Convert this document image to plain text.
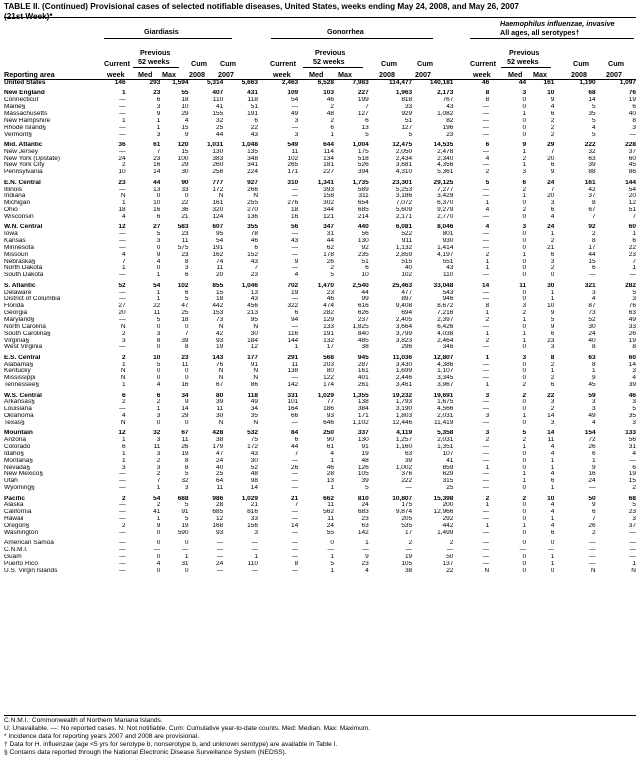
TABLE II. (Continued) Provisional cases of selected notifiable diseases, United States, weeks ending May 24, 2008, and May 26, 2007
(21st Week)*
Giardiasis	Gonorrhea
Haemophilus influenzae, invasive
All ages, all serotypes†
Current
week
Previous
52 weeks
Med Max
Cum
2008
Cum
2007
Current
week
Previous
52 weeks
Med Max
Cum
2008
Cum
2007
Current
week
Previous
52 weeks
Med Max
Cum
2008
Cum
2007
Reporting area
United States	146	293	1,594	5,314	5,663	2,463	6,528	7,983	114,477	140,181	46	44	161	1,190	1,097

New England	1	23	55	407	431	109	103	227	1,963	2,173	8	3	10	68	76
Connecticut	—	6	18	110	118	54	46	199	818	767	8	0	9	14	19
Maine§	—	3	10	41	51	—	2	7	33	43	—	0	4	5	6
Massachusetts	—	9	29	155	191	49	48	127	929	1,082	—	1	6	35	40
New Hampshire	1	1	4	32	6	3	2	6	51	82	—	0	2	5	8
Rhode Island§	—	1	15	25	22	—	6	13	127	196	—	0	2	4	3
Vermont§	—	3	9	44	43	3	1	5	5	23	—	0	2	5	—

Mid. Atlantic	36	61	120	1,031	1,048	549	644	1,004	12,475	14,535	6	9	29	222	228
New Jersey	—	7	15	130	135	11	114	175	2,050	2,478	—	1	7	32	37
New York (Upstate)	24	23	100	383	348	102	134	518	2,434	2,340	4	2	20	63	60
New York City	2	16	29	260	341	265	181	526	3,681	4,356	—	1	6	39	45
Pennsylvania	10	14	30	258	224	171	227	394	4,310	5,361	2	3	9	88	86

E.N. Central	23	44	90	777	927	310	1,341	1,735	23,301	29,125	5	6	24	161	144
Illinois	—	13	33	172	266	—	393	589	5,253	7,277	—	2	7	42	54
Indiana	N	0	0	N	N	—	158	311	3,186	3,429	—	1	20	37	20
Michigan	1	10	22	161	255	276	302	654	7,072	6,370	1	0	3	8	12
Ohio	18	16	36	320	270	18	344	685	5,609	9,279	4	2	6	67	51
Wisconsin	4	6	21	124	136	16	121	214	2,171	2,770	—	0	4	7	7

W.N. Central	12	27	583	607	355	56	347	440	6,081	8,046	4	3	24	92	60
Iowa	—	5	23	95	78	—	31	56	522	801	—	0	1	2	1
Kansas	—	3	11	54	46	43	44	130	911	930	—	0	2	8	6
Minnesota	—	0	575	191	6	—	62	92	1,132	1,414	—	0	21	17	22
Missouri	4	9	23	162	152	—	178	235	2,859	4,197	2	1	6	44	23
Nebraska§	7	4	8	74	43	9	26	51	515	551	1	0	3	15	7
North Dakota	1	0	3	11	7	—	2	6	40	43	1	0	2	6	1
South Dakota	—	1	6	20	23	4	5	10	102	110	—	0	0	—	—

S. Atlantic	52	54	102	855	1,046	702	1,470	2,540	25,463	33,048	14	11	30	321	282
Delaware	—	1	6	15	13	19	23	44	477	543	—	0	1	3	5
District of Columbia	—	1	5	18	43	—	46	99	897	946	—	0	1	4	3
Florida	27	22	47	442	456	322	474	616	9,408	8,672	8	3	10	87	76
Georgia	20	11	25	153	213	6	282	626	694	7,216	1	2	9	73	63
Maryland§	—	5	18	73	95	94	129	237	2,405	2,397	2	1	5	52	49
North Carolina	N	0	0	N	N	—	133	1,825	3,664	6,426	—	0	9	30	33
South Carolina§	2	3	7	42	30	116	191	840	3,799	4,038	1	1	6	24	26
Virginia§	3	8	39	93	184	144	132	485	3,823	2,464	2	1	23	40	19
West Virginia	—	0	8	19	12	1	17	38	296	346	—	0	3	8	8

E.S. Central	2	10	23	143	177	291	568	945	11,036	12,807	1	3	8	63	60
Alabama§	1	5	11	76	91	11	203	287	3,430	4,386	—	0	2	8	14
Kentucky	N	0	0	N	N	138	80	161	1,699	1,107	—	0	1	1	3
Mississippi	N	0	0	N	N	—	122	401	2,446	3,345	—	0	2	9	4
Tennessee§	1	4	16	67	86	142	174	261	3,461	3,967	1	2	6	45	39

W.S. Central	6	6	34	80	118	331	1,029	1,355	19,232	19,691	3	2	22	59	46
Arkansas§	2	2	9	39	49	101	77	138	1,793	1,675	—	0	3	3	3
Louisiana	—	1	14	11	34	164	186	384	3,190	4,566	—	0	2	3	5
Oklahoma	4	3	29	30	35	66	93	171	1,803	2,031	3	1	14	49	35
Texas§	N	0	0	N	N	—	646	1,102	12,446	11,419	—	0	3	4	3

Mountain	12	32	67	428	532	84	250	337	4,119	5,358	3	5	14	154	133
Arizona	1	3	11	38	75	6	90	130	1,257	2,031	2	2	11	72	56
Colorado	6	11	26	179	172	44	61	91	1,160	1,351	—	1	4	26	31
Idaho§	1	3	19	47	43	7	4	19	63	107	—	0	4	6	4
Montana§	1	2	8	24	30	—	1	48	39	41	—	0	1	1	—
Nevada§	3	3	8	40	52	26	46	126	1,002	859	1	0	1	9	6
New Mexico§	—	2	5	25	48	—	28	105	376	629	—	1	4	16	19
Utah	—	7	32	64	98	—	13	39	222	315	—	1	6	24	15
Wyoming§	—	1	3	11	14	—	1	5	—	25	—	0	1	—	2

Pacific	2	54	688	986	1,029	21	662	810	10,807	15,398	2	2	10	50	68
Alaska	—	2	5	28	21	7	11	24	175	200	1	0	4	9	5
California	—	41	91	685	816	—	562	683	9,874	12,966	—	0	4	6	23
Hawaii	—	1	5	12	33	—	11	23	205	292	—	0	1	7	3
Oregon§	2	9	19	168	156	14	24	63	535	442	1	1	4	26	37
Washington	—	0	590	93	3	—	55	142	17	1,499	—	0	6	2	—

American Samoa	—	0	0	—	—	—	0	1	2	2	—	0	0	—	—
C.N.M.I.	—	—	—	—	—	—	—	—	—	—	—	—	—	—	—
Guam	—	0	1	—	1	—	1	9	19	50	—	0	1	—	—
Puerto Rico	—	4	31	24	110	8	5	23	105	137	—	0	1	—	1
U.S. Virgin Islands	—	0	0	—	—	—	1	4	38	22	N	0	0	N	N
C.N.M.I.: Commonwealth of Northern Mariana Islands.
U: Unavailable. —: No reported cases. N: Not notifiable. Cum: Cumulative year-to-date counts. Med: Median. Max: Maximum.
* Incidence data for reporting years 2007 and 2008 are provisional.
† Data for H. influenzae (age <5 yrs for serotype b, nonserotype b, and unknown serotype) are available in Table I.
§ Contains data reported through the National Electronic Disease Surveillance System (NEDSS).
